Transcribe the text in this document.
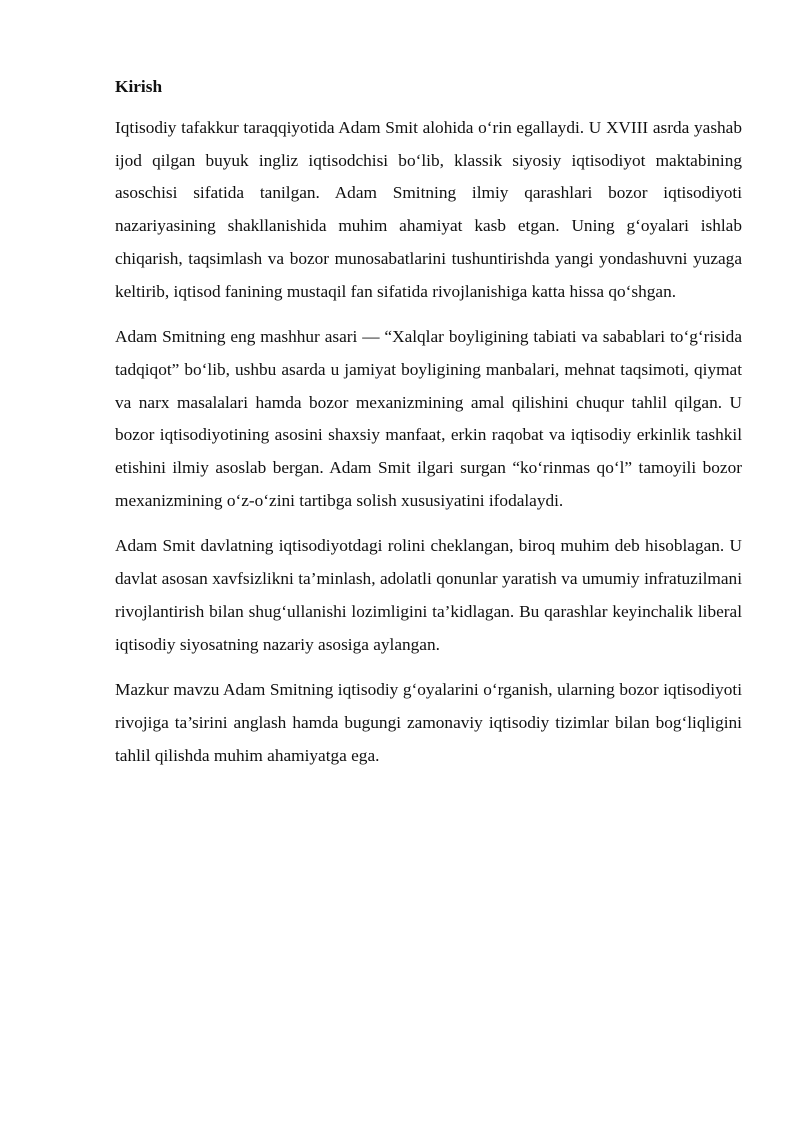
Kirish

Iqtisodiy tafakkur taraqqiyotida Adam Smit alohida o‘rin egallaydi. U XVIII asrda yashab ijod qilgan buyuk ingliz iqtisodchisi bo‘lib, klassik siyosiy iqtisodiyot maktabining asoschisi sifatida tanilgan. Adam Smitning ilmiy qarashlari bozor iqtisodiyoti nazariyasining shakllanishida muhim ahamiyat kasb etgan. Uning g‘oyalari ishlab chiqarish, taqsimlash va bozor munosabatlarini tushuntirishda yangi yondashuvni yuzaga keltirib, iqtisod fanining mustaqil fan sifatida rivojlanishiga katta hissa qo‘shgan.

Adam Smitning eng mashhur asari — “Xalqlar boyligining tabiati va sabablari to‘g‘risida tadqiqot” bo‘lib, ushbu asarda u jamiyat boyligining manbalari, mehnat taqsimoti, qiymat va narx masalalari hamda bozor mexanizmining amal qilishini chuqur tahlil qilgan. U bozor iqtisodiyotining asosini shaxsiy manfaat, erkin raqobat va iqtisodiy erkinlik tashkil etishini ilmiy asoslab bergan. Adam Smit ilgari surgan “ko‘rinmas qo‘l” tamoyili bozor mexanizmining o‘z-o‘zini tartibga solish xususiyatini ifodalaydi.

Adam Smit davlatning iqtisodiyotdagi rolini cheklangan, biroq muhim deb hisoblagan. U davlat asosan xavfsizlikni ta’minlash, adolatli qonunlar yaratish va umumiy infratuzilmani rivojlantirish bilan shug‘ullanishi lozimligini ta’kidlagan. Bu qarashlar keyinchalik liberal iqtisodiy siyosatning nazariy asosiga aylangan.

Mazkur mavzu Adam Smitning iqtisodiy g‘oyalarini o‘rganish, ularning bozor iqtisodiyoti rivojiga ta’sirini anglash hamda bugungi zamonaviy iqtisodiy tizimlar bilan bog‘liqligini tahlil qilishda muhim ahamiyatga ega.
